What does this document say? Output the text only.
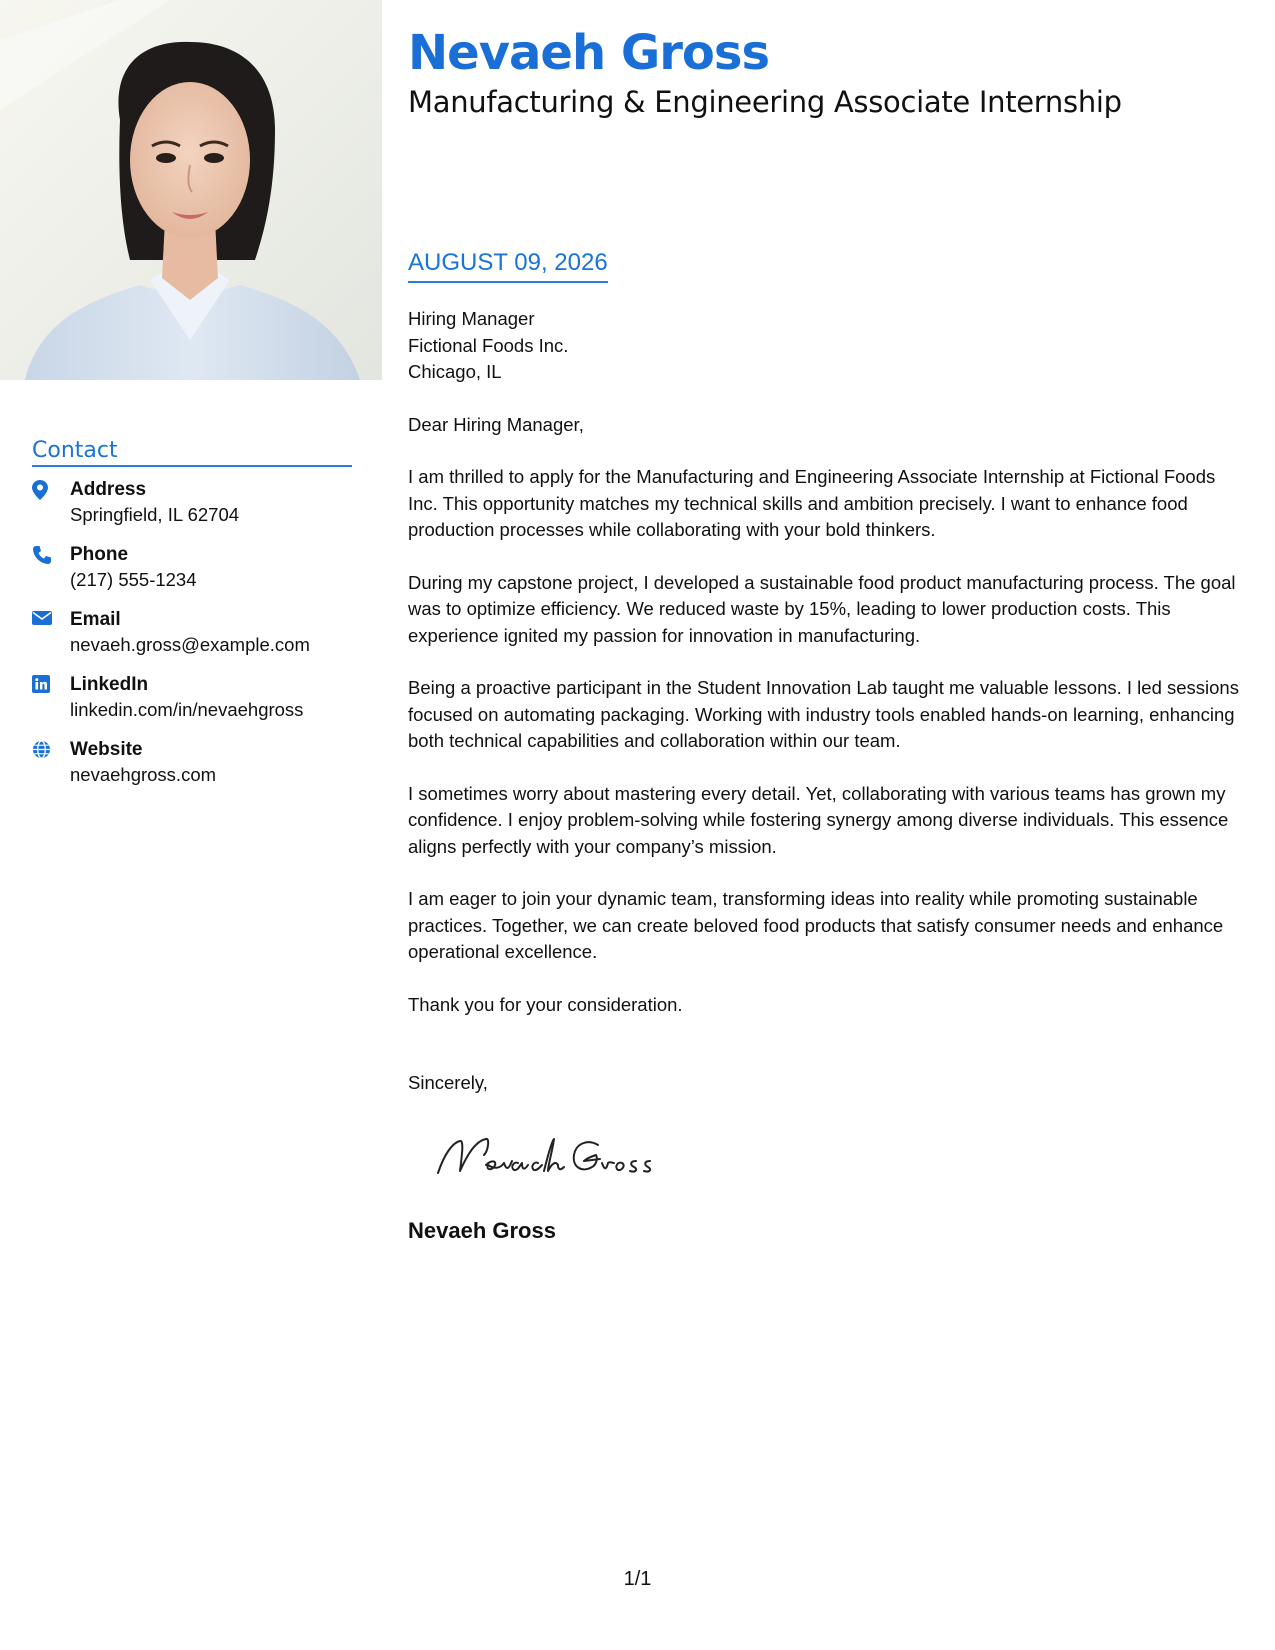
Nevaeh Gross
Manufacturing & Engineering Associate Internship
Contact
Address
Springfield, IL 62704
Phone
(217) 555-1234
Email
nevaeh.gross@example.com
LinkedIn
linkedin.com/in/nevaehgross
Website
nevaehgross.com
AUGUST 09, 2026

Hiring Manager

Fictional Foods Inc.

Chicago, IL

Dear Hiring Manager,

I am thrilled to apply for the Manufacturing and Engineering Associate Internship at Fictional Foods Inc. This opportunity matches my technical skills and ambition precisely. I want to enhance food production processes while collaborating with your bold thinkers.

During my capstone project, I developed a sustainable food product manufacturing process. The goal was to optimize efficiency. We reduced waste by 15%, leading to lower production costs. This experience ignited my passion for innovation in manufacturing.

Being a proactive participant in the Student Innovation Lab taught me valuable lessons. I led sessions focused on automating packaging. Working with industry tools enabled hands-on learning, enhancing both technical capabilities and collaboration within our team.

I sometimes worry about mastering every detail. Yet, collaborating with various teams has grown my confidence. I enjoy problem-solving while fostering synergy among diverse individuals. This essence aligns perfectly with your company’s mission.

I am eager to join your dynamic team, transforming ideas into reality while promoting sustainable practices. Together, we can create beloved food products that satisfy consumer needs and enhance operational excellence.

Thank you for your consideration.

Sincerely,

Nevaeh Gross
1/1
